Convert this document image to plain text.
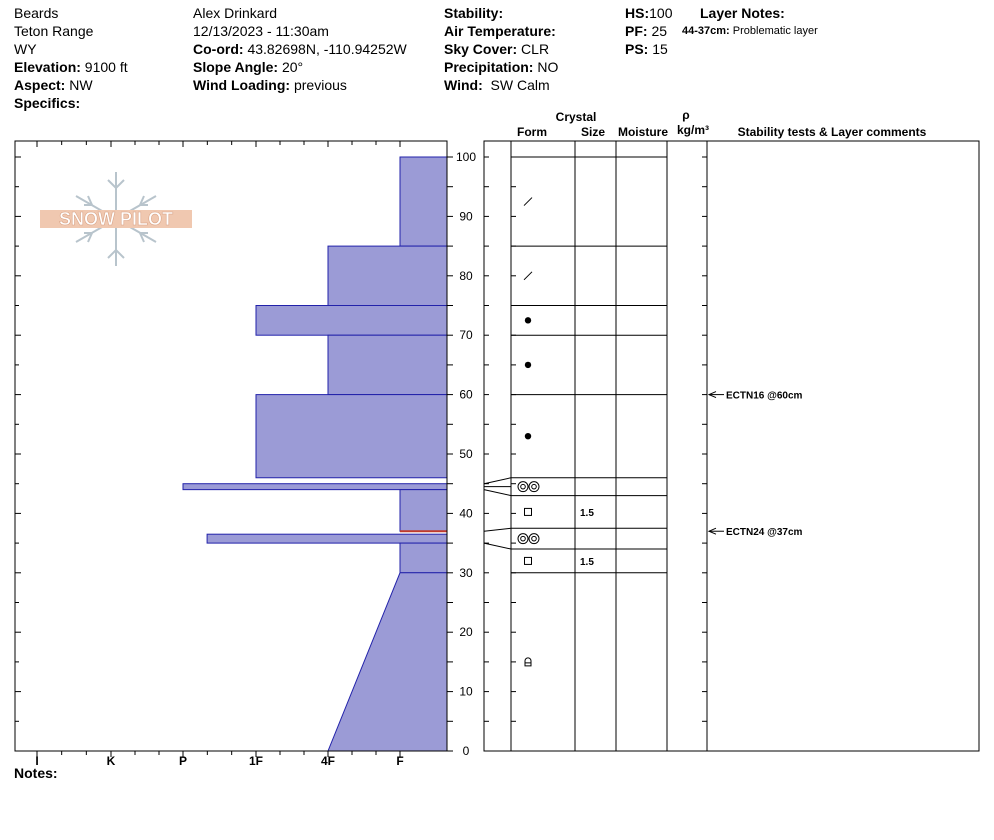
Beards
Teton Range
WY
Elevation: 9100 ft
Aspect: NW
Specifics:
Alex Drinkard
12/13/2023 - 11:30am
Co-ord: 43.82698N, -110.94252W
Slope Angle: 20°
Wind Loading: previous
Stability:
Air Temperature:
Sky Cover: CLR
Precipitation: NO
Wind: SW Calm
HS:100
PF: 25
PS: 15
Layer Notes:
44-37cm: Problematic layer
SNOW PILOT
I	K	P	1F	4F	F
0
10
20
30
40
50
60
70
80
90
100
Crystal
Form	Size Moisture
ρ
kg/m³ Stability tests & Layer comments
1.5
1.5
ECTN16 @60cm
ECTN24 @37cm
Notes:
